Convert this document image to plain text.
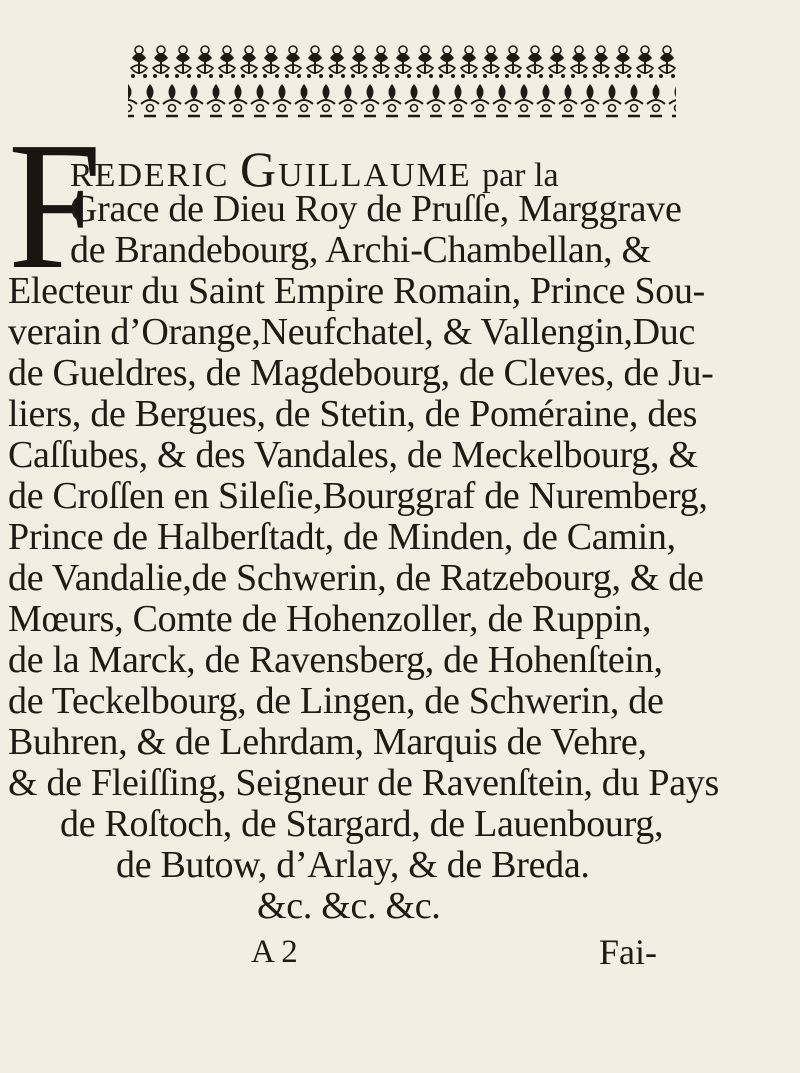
F
REDERIC GUILLAUME par la
Grace de Dieu Roy de Pruſſe, Marggrave
de Brandebourg, Archi-Chambellan, &
Electeur du Saint Empire Romain, Prince Sou-
verain d’Orange,Neufchatel, & Vallengin,Duc
de Gueldres, de Magdebourg, de Cleves, de Ju-
liers, de Bergues, de Stetin, de Poméraine, des
Caſſubes, & des Vandales, de Meckelbourg, &
de Croſſen en Sileſie,Bourggraf de Nuremberg,
Prince de Halberſtadt, de Minden, de Camin,
de Vandalie,de Schwerin, de Ratzebourg, & de
Mœurs, Comte de Hohenzoller, de Ruppin,
de la Marck, de Ravensberg, de Hohenſtein,
de Teckelbourg, de Lingen, de Schwerin, de
Buhren, & de Lehrdam, Marquis de Vehre,
& de Fleiſſing, Seigneur de Ravenſtein, du Pays
de Roſtoch, de Stargard, de Lauenbourg,
de Butow, d’Arlay, & de Breda.
&c. &c. &c.
A 2	Fai-
